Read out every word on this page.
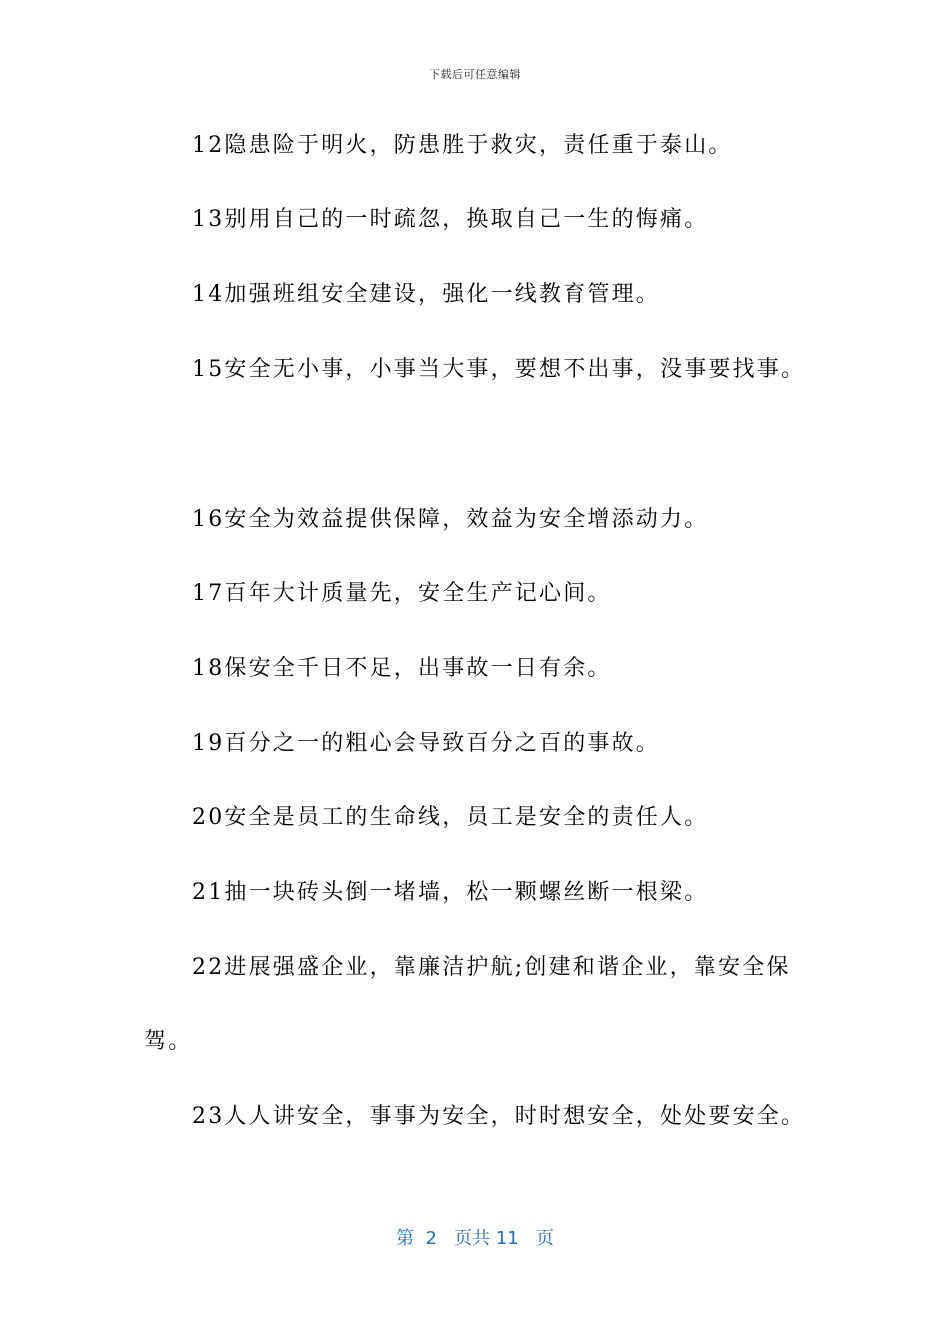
下载后可任意编辑
12隐患险于明火，防患胜于救灾，责任重于泰山。
13别用自己的一时疏忽，换取自己一生的悔痛。
14加强班组安全建设，强化一线教育管理。
15安全无小事，小事当大事，要想不出事，没事要找事。
16安全为效益提供保障，效益为安全增添动力。
17百年大计质量先，安全生产记心间。
18保安全千日不足，出事故一日有余。
19百分之一的粗心会导致百分之百的事故。
20安全是员工的生命线，员工是安全的责任人。
21抽一块砖头倒一堵墙，松一颗螺丝断一根梁。
22进展强盛企业，靠廉洁护航;创建和谐企业，靠安全保
驾。
23人人讲安全，事事为安全，时时想安全，处处要安全。
第 2 页共 11 页
